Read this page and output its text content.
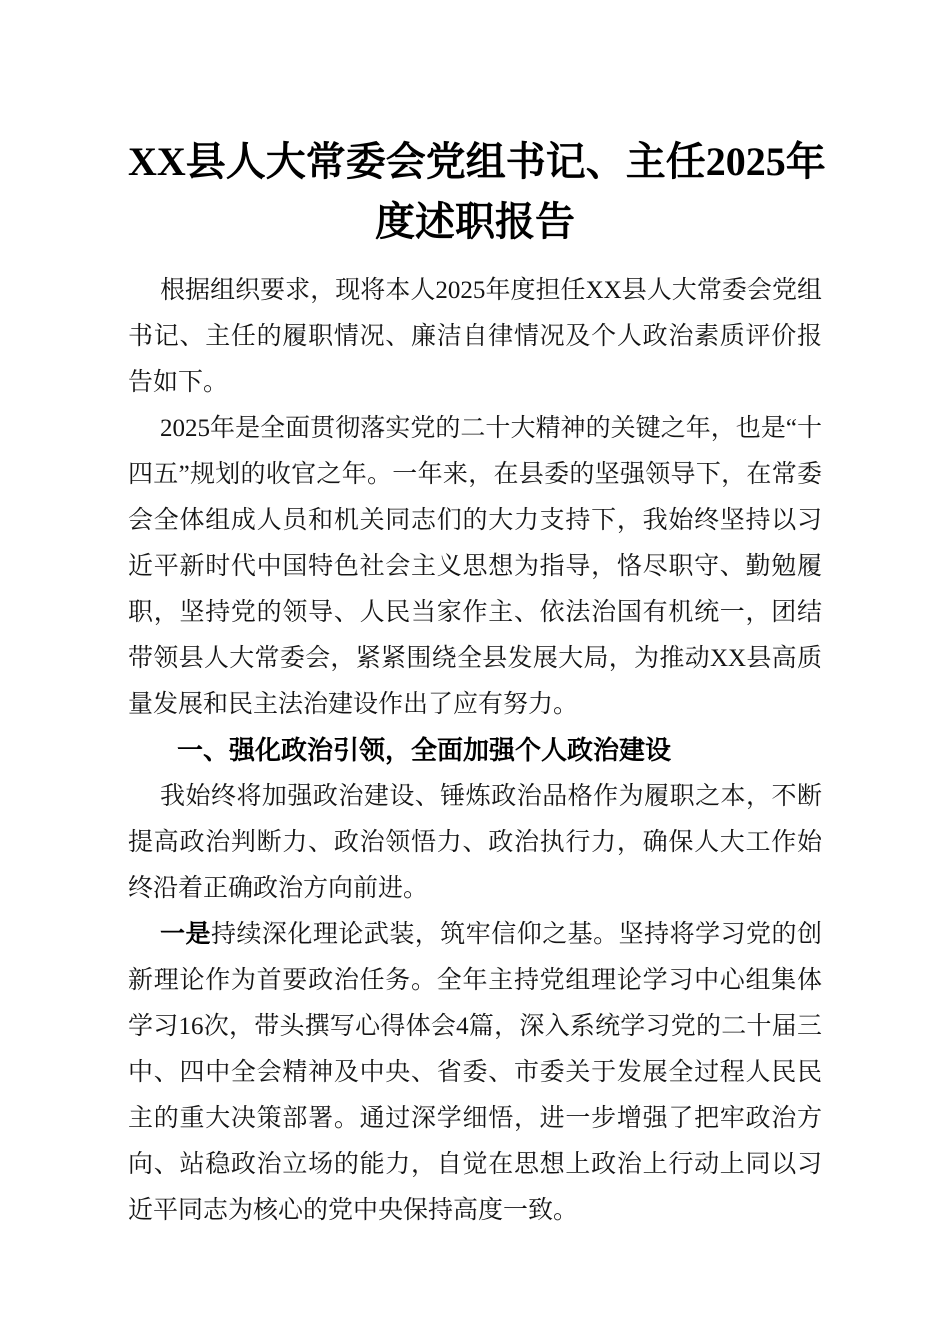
XX县人大常委会党组书记、主任2025年
度述职报告

根据组织要求，现将本人2025年度担任XX县人大常委会党组书记、主任的履职情况、廉洁自律情况及个人政治素质评价报告如下。

2025年是全面贯彻落实党的二十大精神的关键之年，也是“十四五”规划的收官之年。一年来，在县委的坚强领导下，在常委会全体组成人员和机关同志们的大力支持下，我始终坚持以习近平新时代中国特色社会主义思想为指导，恪尽职守、勤勉履职，坚持党的领导、人民当家作主、依法治国有机统一，团结带领县人大常委会，紧紧围绕全县发展大局，为推动XX县高质量发展和民主法治建设作出了应有努力。

一、强化政治引领，全面加强个人政治建设

我始终将加强政治建设、锤炼政治品格作为履职之本，不断提高政治判断力、政治领悟力、政治执行力，确保人大工作始终沿着正确政治方向前进。

一是持续深化理论武装，筑牢信仰之基。坚持将学习党的创新理论作为首要政治任务。全年主持党组理论学习中心组集体学习16次，带头撰写心得体会4篇，深入系统学习党的二十届三中、四中全会精神及中央、省委、市委关于发展全过程人民民主的重大决策部署。通过深学细悟，进一步增强了把牢政治方向、站稳政治立场的能力，自觉在思想上政治上行动上同以习近平同志为核心的党中央保持高度一致。
